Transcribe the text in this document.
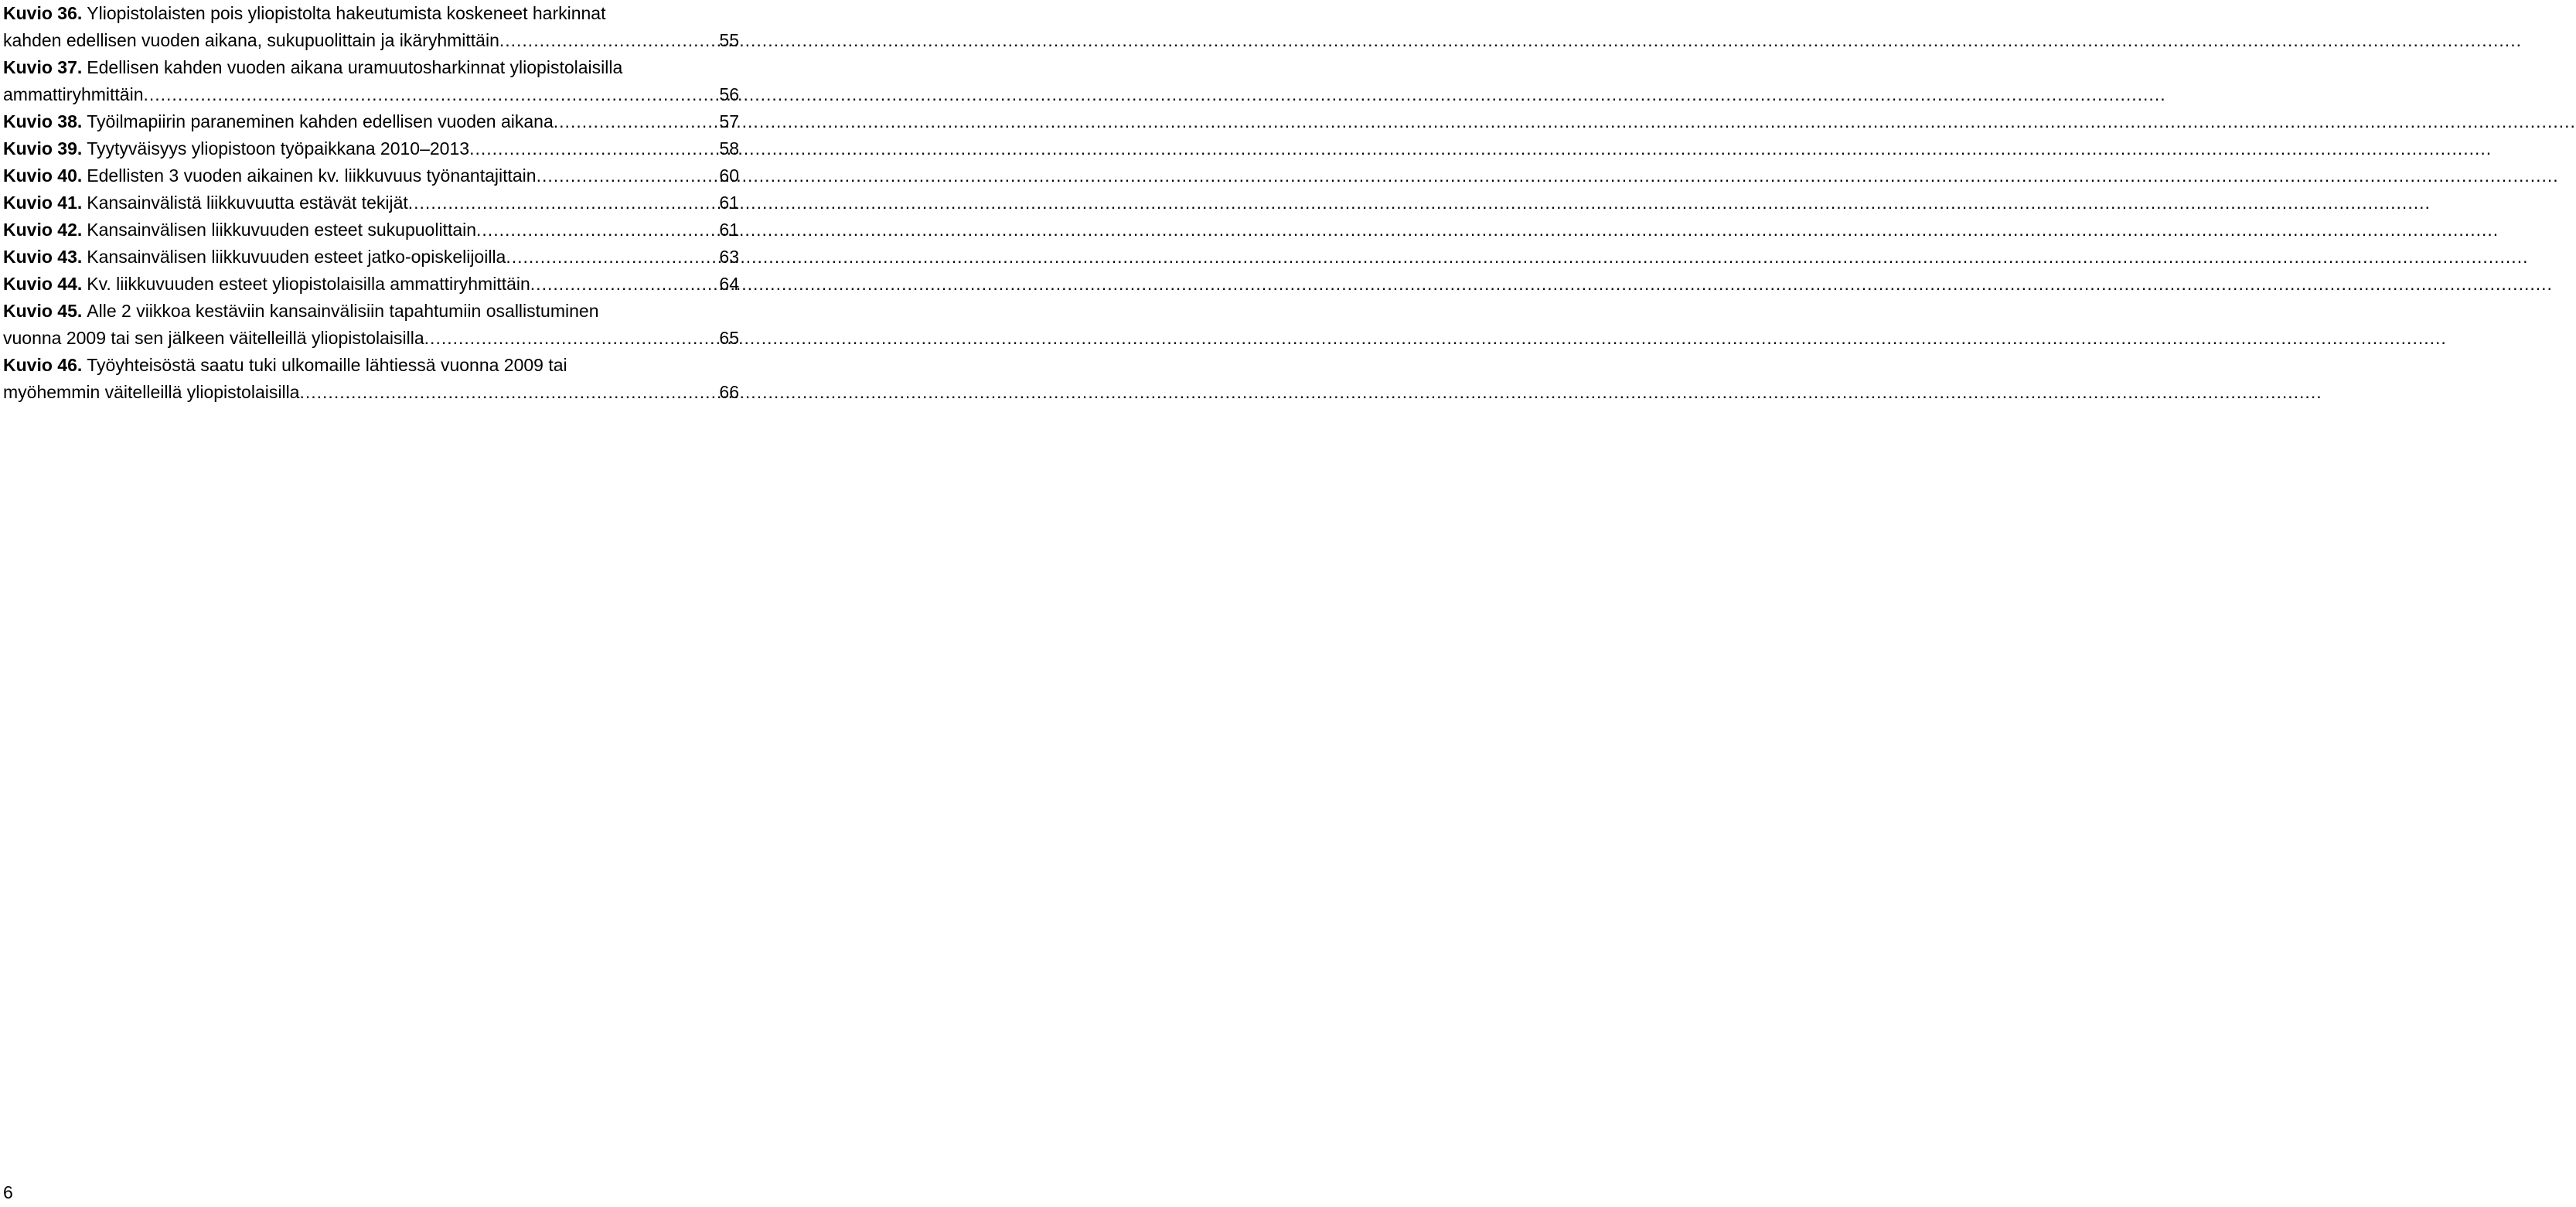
Kuvio 36. Yliopistolaisten pois yliopistolta hakeutumista koskeneet harkinnat
kahden edellisen vuoden aikana, sukupuolittain ja ikäryhmittäin .....	55
Kuvio 37. Edellisen kahden vuoden aikana uramuutosharkinnat yliopistolaisilla
ammattiryhmittäin .....	56
Kuvio 38. Työilmapiirin paraneminen kahden edellisen vuoden aikana .....	57
Kuvio 39. Tyytyväisyys yliopistoon työpaikkana 2010–2013 .....	58
Kuvio 40. Edellisten 3 vuoden aikainen kv. liikkuvuus työnantajittain .....	60
Kuvio 41. Kansainvälistä liikkuvuutta estävät tekijät .....	61
Kuvio 42. Kansainvälisen liikkuvuuden esteet sukupuolittain .....	61
Kuvio 43. Kansainvälisen liikkuvuuden esteet jatko-opiskelijoilla .....	63
Kuvio 44. Kv. liikkuvuuden esteet yliopistolaisilla ammattiryhmittäin .....	64
Kuvio 45. Alle 2 viikkoa kestäviin kansainvälisiin tapahtumiin osallistuminen
vuonna 2009 tai sen jälkeen väitelleillä yliopistolaisilla .....	65
Kuvio 46. Työyhteisöstä saatu tuki ulkomaille lähtiessä vuonna 2009 tai
myöhemmin väitelleillä yliopistolaisilla .....	66
6
